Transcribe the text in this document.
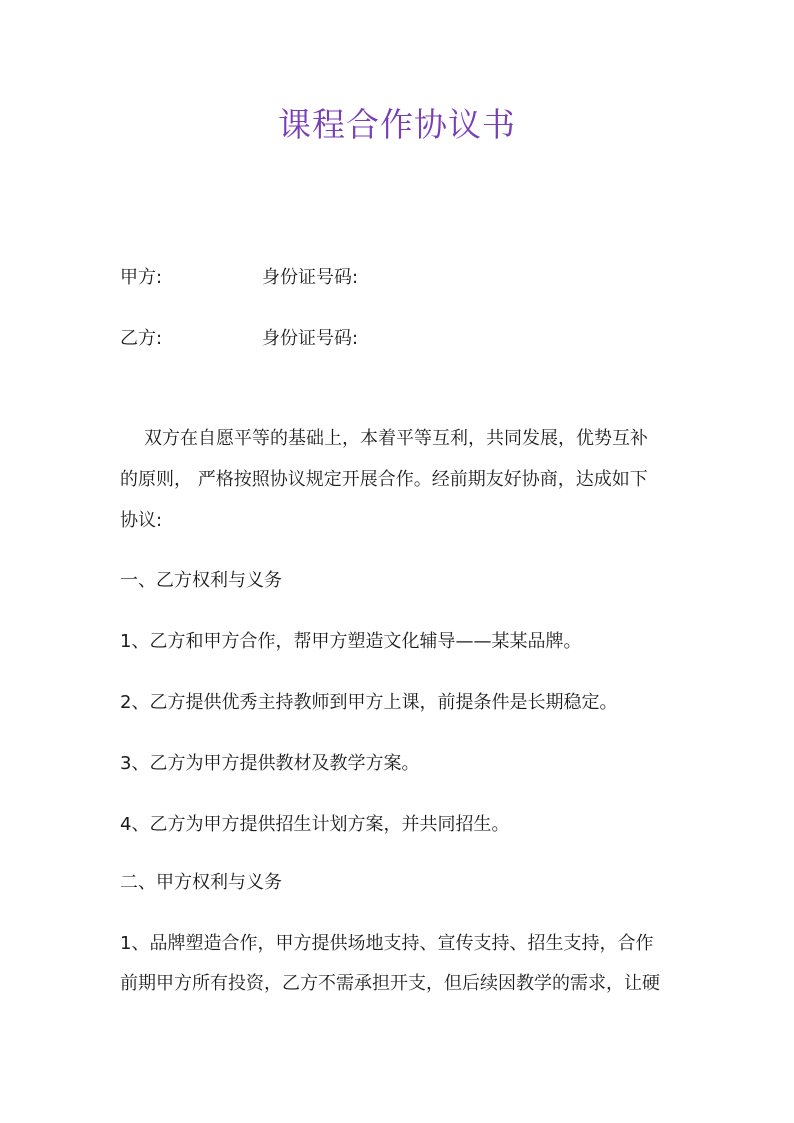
课程合作协议书
甲方:	身份证号码:
乙方:	身份证号码:
双方在自愿平等的基础上，本着平等互利，共同发展，优势互补
的原则， 严格按照协议规定开展合作。经前期友好协商，达成如下
协议:
一、乙方权利与义务
1、乙方和甲方合作，帮甲方塑造文化辅导——某某品牌。
2、乙方提供优秀主持教师到甲方上课，前提条件是长期稳定。
3、乙方为甲方提供教材及教学方案。
4、乙方为甲方提供招生计划方案，并共同招生。
二、甲方权利与义务
1、品牌塑造合作，甲方提供场地支持、宣传支持、招生支持，合作
前期甲方所有投资，乙方不需承担开支，但后续因教学的需求，让硬
